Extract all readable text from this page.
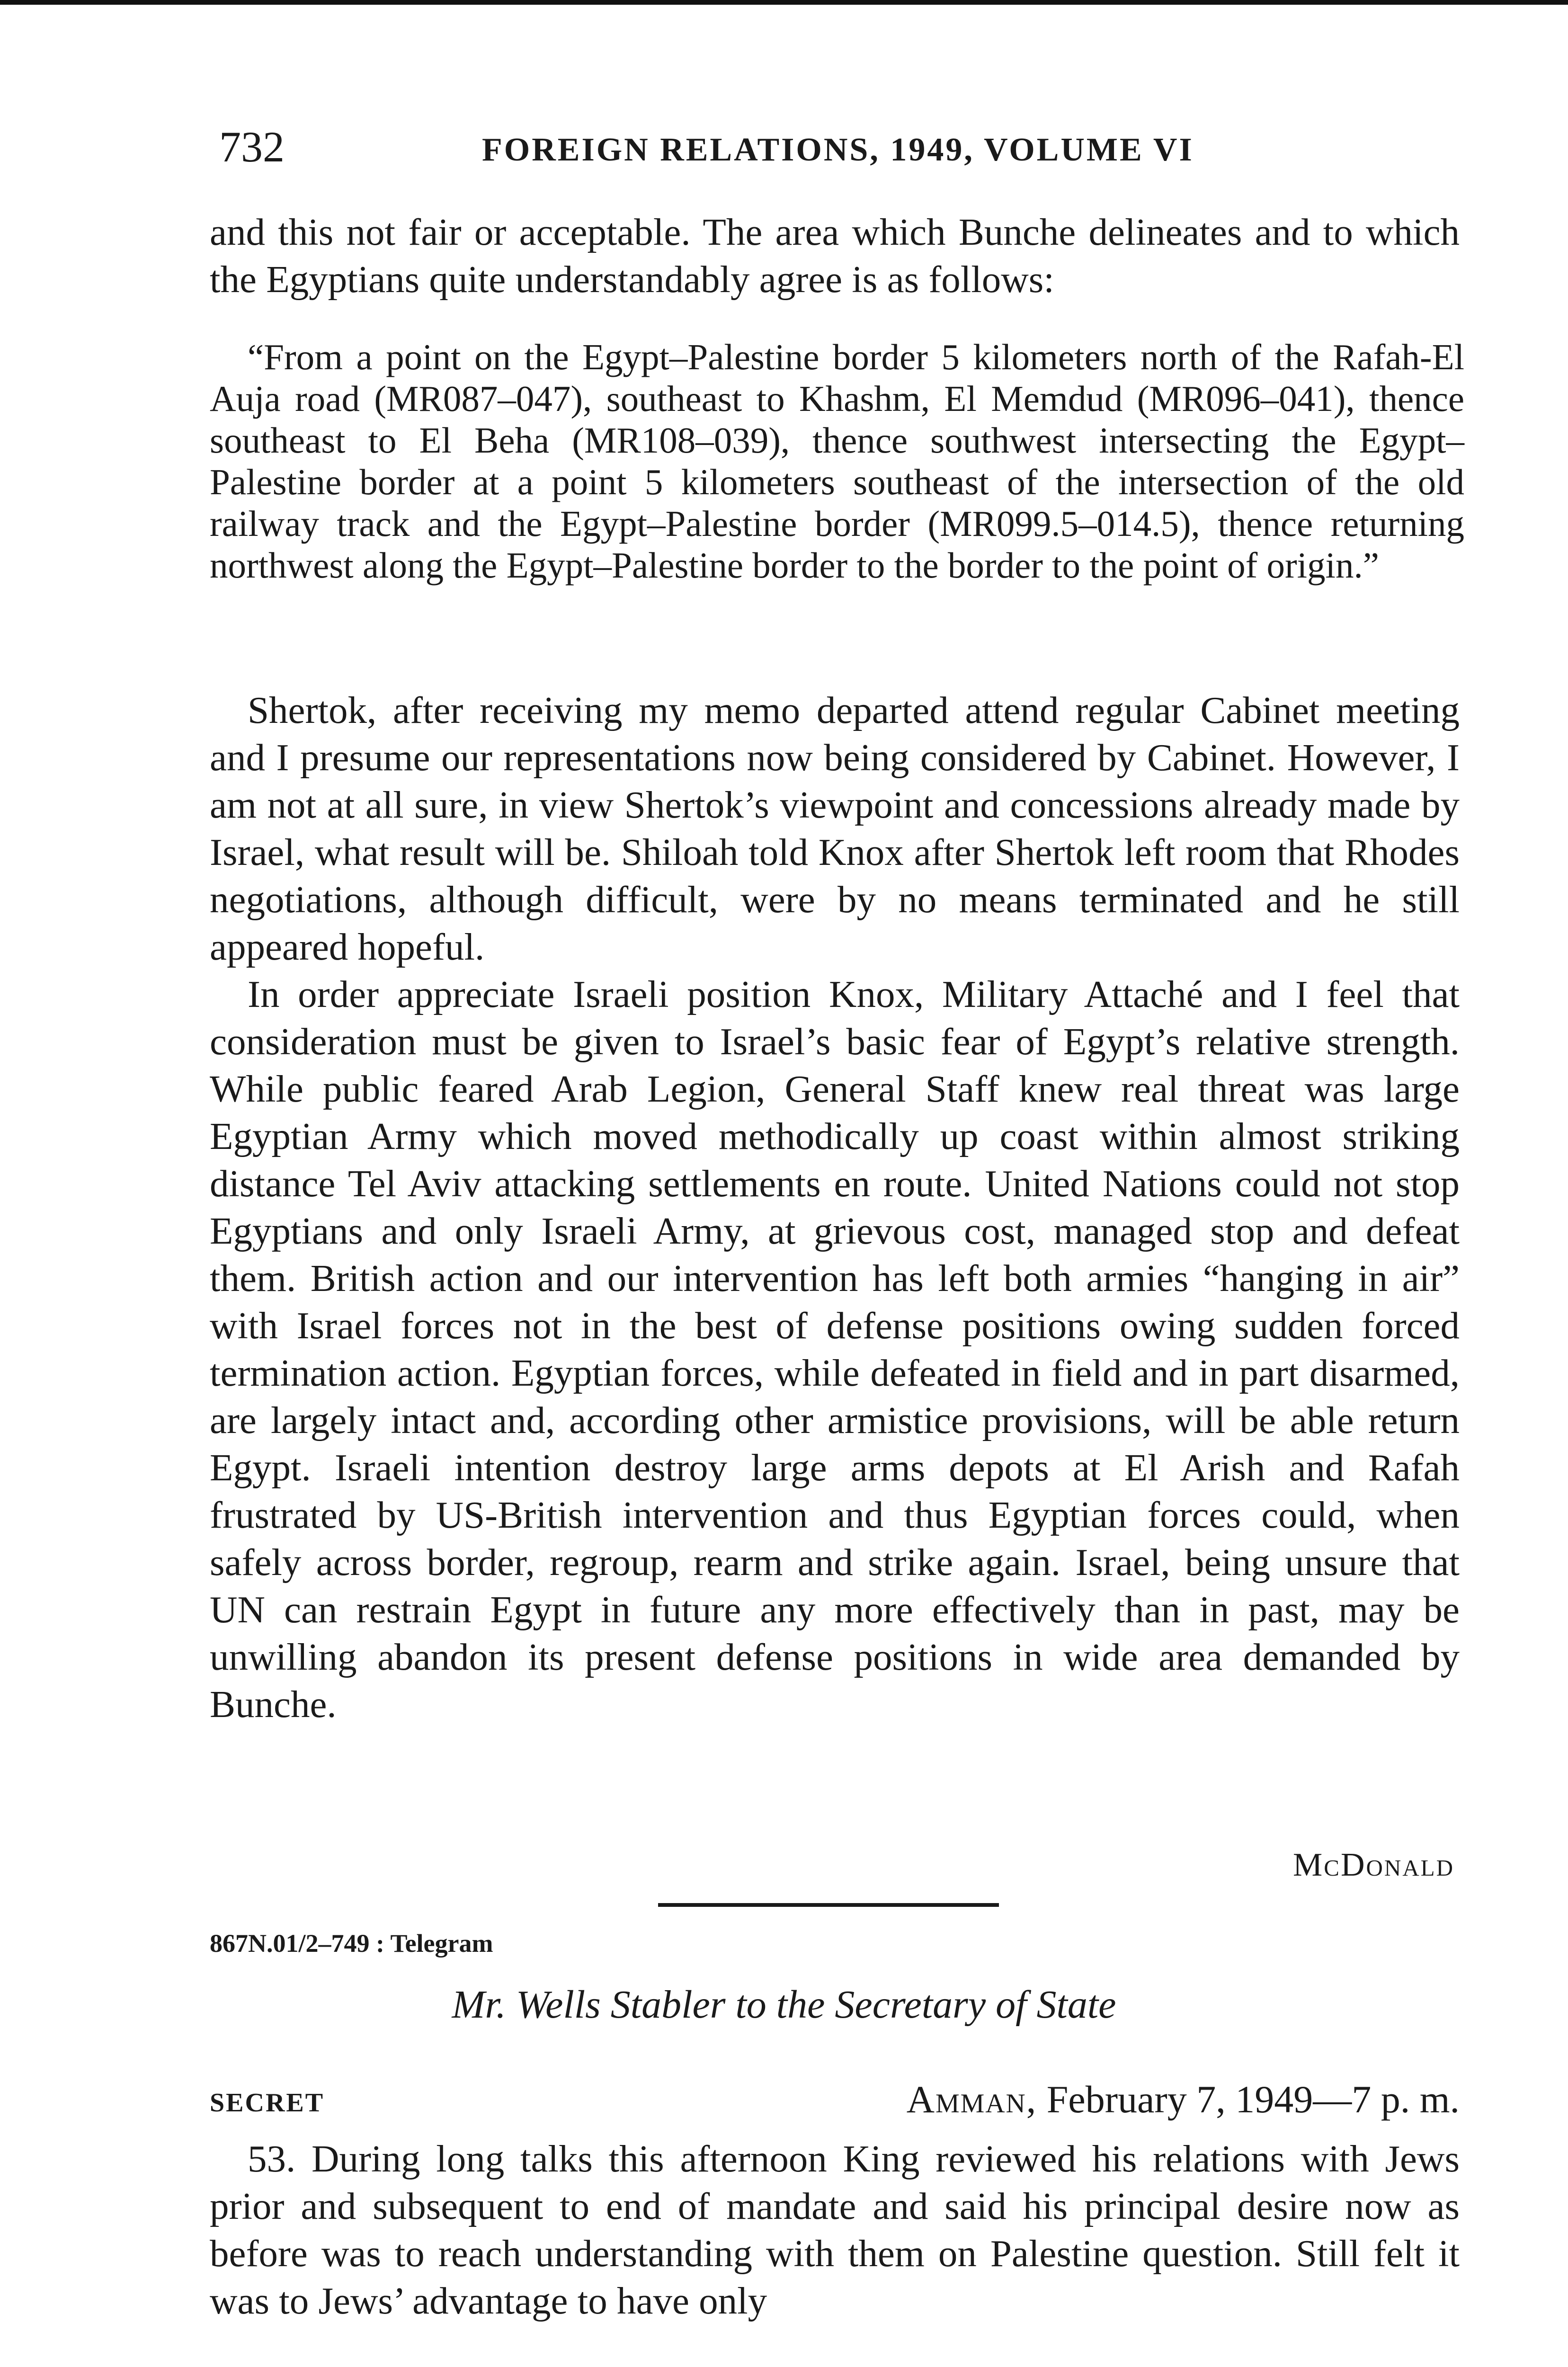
732	FOREIGN RELATIONS, 1949, VOLUME VI

and this not fair or acceptable. The area which Bunche delineates and to which the Egyptians quite understandably agree is as follows:

“From a point on the Egypt–Palestine border 5 kilometers north of the Rafah-El Auja road (MR087–047), southeast to Khashm, El Memdud (MR096–041), thence southeast to El Beha (MR108–039), thence southwest intersecting the Egypt–Palestine border at a point 5 kilometers southeast of the intersection of the old railway track and the Egypt–Palestine border (MR099.5–014.5), thence returning northwest along the Egypt–Palestine border to the border to the point of origin.”

Shertok, after receiving my memo departed attend regular Cabinet meeting and I presume our representations now being considered by Cabinet. However, I am not at all sure, in view Shertok’s viewpoint and concessions already made by Israel, what result will be. Shiloah told Knox after Shertok left room that Rhodes negotiations, although difficult, were by no means terminated and he still appeared hopeful.

In order appreciate Israeli position Knox, Military Attaché and I feel that consideration must be given to Israel’s basic fear of Egypt’s relative strength. While public feared Arab Legion, General Staff knew real threat was large Egyptian Army which moved methodically up coast within almost striking distance Tel Aviv attacking settlements en route. United Nations could not stop Egyptians and only Israeli Army, at grievous cost, managed stop and defeat them. British action and our intervention has left both armies “hanging in air” with Israel forces not in the best of defense positions owing sudden forced termination action. Egyptian forces, while defeated in field and in part disarmed, are largely intact and, according other armistice provisions, will be able return Egypt. Israeli intention destroy large arms depots at El Arish and Rafah frustrated by US-British intervention and thus Egyptian forces could, when safely across border, regroup, rearm and strike again. Israel, being unsure that UN can restrain Egypt in future any more effectively than in past, may be unwilling abandon its present defense positions in wide area demanded by Bunche.

McDonald
867N.01/2–749 : Telegram
Mr. Wells Stabler to the Secretary of State
SECRET	Amman, February 7, 1949—7 p. m.

53. During long talks this afternoon King reviewed his relations with Jews prior and subsequent to end of mandate and said his principal desire now as before was to reach understanding with them on Palestine question. Still felt it was to Jews’ advantage to have only
